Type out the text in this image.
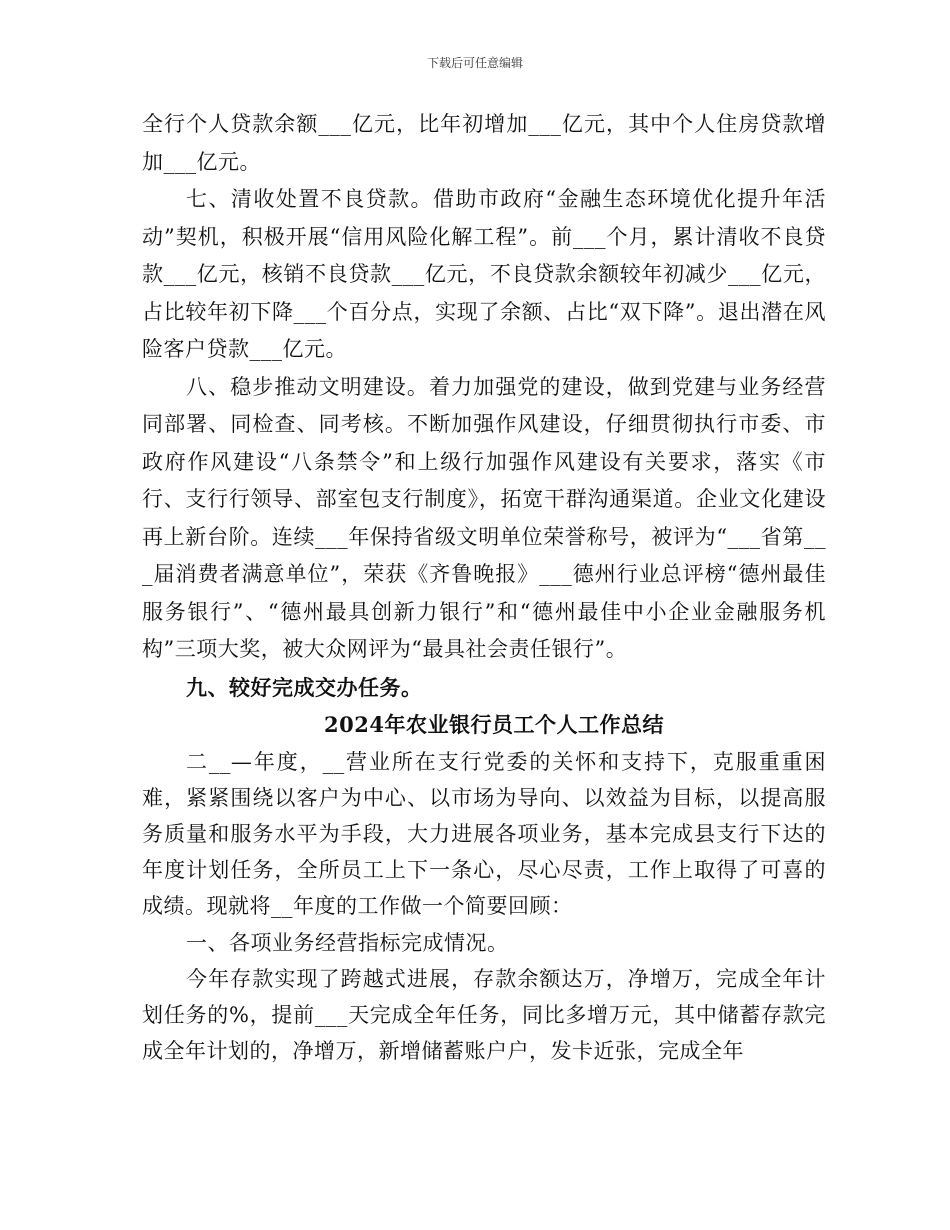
下载后可任意编辑

全行个人贷款余额___亿元，比年初增加___亿元，其中个人住房贷款增加___亿元。

七、清收处置不良贷款。借助市政府“金融生态环境优化提升年活动”契机，积极开展“信用风险化解工程”。前___个月，累计清收不良贷款___亿元，核销不良贷款___亿元，不良贷款余额较年初减少___亿元，占比较年初下降___个百分点，实现了余额、占比“双下降”。退出潜在风险客户贷款___亿元。

八、稳步推动文明建设。着力加强党的建设，做到党建与业务经营同部署、同检查、同考核。不断加强作风建设，仔细贯彻执行市委、市政府作风建设“八条禁令”和上级行加强作风建设有关要求，落实《市行、支行行领导、部室包支行制度》，拓宽干群沟通渠道。企业文化建设再上新台阶。连续___年保持省级文明单位荣誉称号，被评为“___省第___届消费者满意单位”，荣获《齐鲁晚报》___德州行业总评榜“德州最佳服务银行”、“德州最具创新力银行”和“德州最佳中小企业金融服务机构”三项大奖，被大众网评为“最具社会责任银行”。

九、较好完成交办任务。

2024年农业银行员工个人工作总结

二__—年度，__营业所在支行党委的关怀和支持下，克服重重困难，紧紧围绕以客户为中心、以市场为导向、以效益为目标，以提高服务质量和服务水平为手段，大力进展各项业务，基本完成县支行下达的年度计划任务，全所员工上下一条心，尽心尽责，工作上取得了可喜的成绩。现就将__年度的工作做一个简要回顾：

一、各项业务经营指标完成情况。

今年存款实现了跨越式进展，存款余额达万，净增万，完成全年计划任务的%，提前___天完成全年任务，同比多增万元，其中储蓄存款完成全年计划的，净增万，新增储蓄账户户，发卡近张，完成全年
